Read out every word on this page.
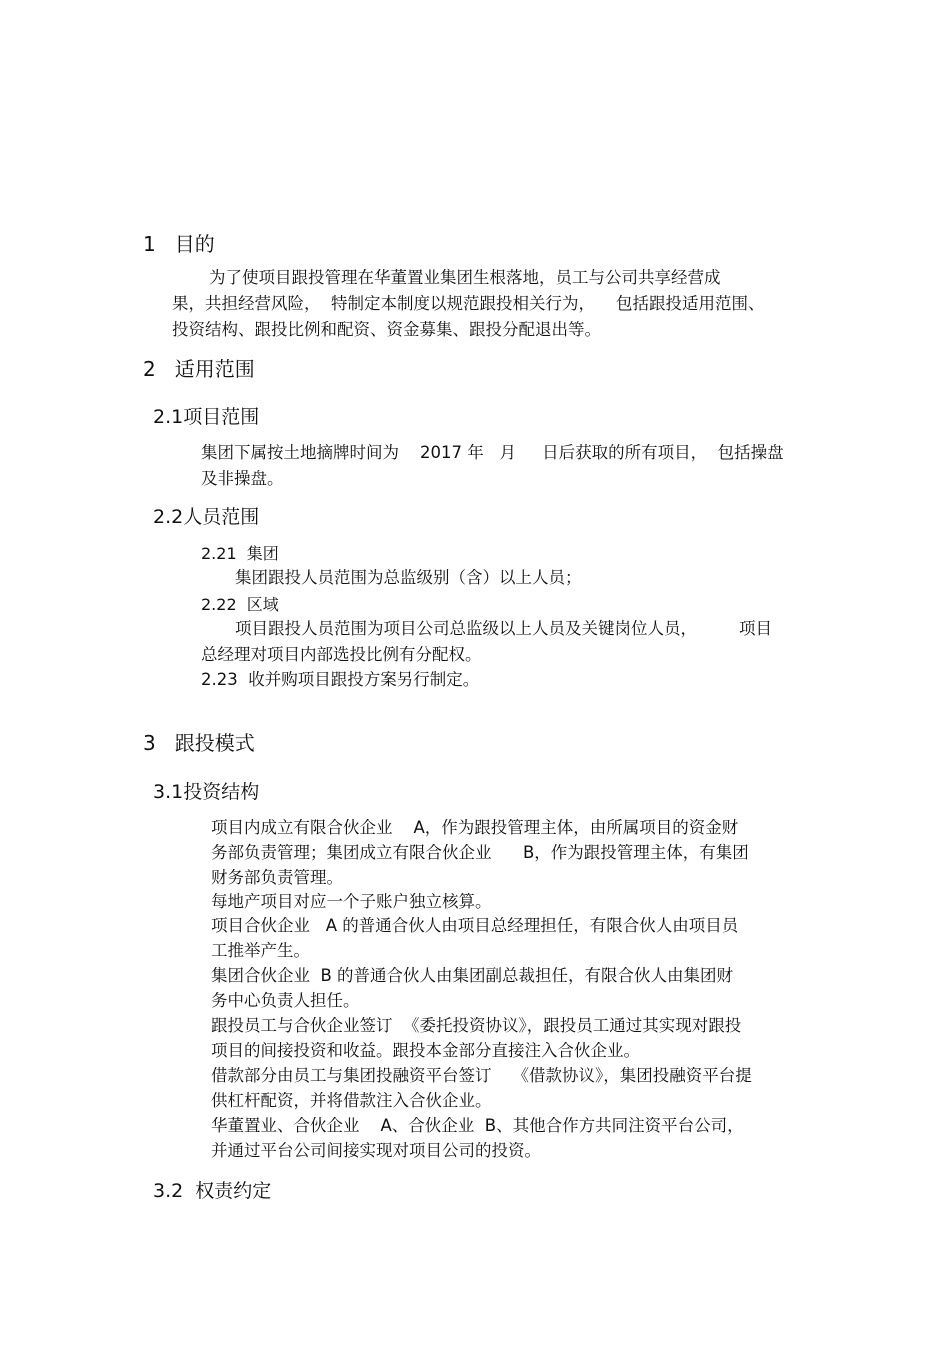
1   目的
为了使项目跟投管理在华董置业集团生根落地，员工与公司共享经营成
果，共担经营风险，  特制定本制度以规范跟投相关行为，    包括跟投适用范围、
投资结构、跟投比例和配资、资金募集、跟投分配退出等。
2   适用范围
2.1项目范围
集团下属按土地摘牌时间为    2017 年   月     日后获取的所有项目，  包括操盘
及非操盘。
2.2人员范围
2.21  集团
集团跟投人员范围为总监级别（含）以上人员；
2.22  区域
项目跟投人员范围为项目公司总监级以上人员及关键岗位人员，        项目
总经理对项目内部选投比例有分配权。
2.23  收并购项目跟投方案另行制定。
3   跟投模式
3.1投资结构
项目内成立有限合伙企业    A，作为跟投管理主体，由所属项目的资金财
务部负责管理；集团成立有限合伙企业      B，作为跟投管理主体，有集团
财务部负责管理。
每地产项目对应一个子账户独立核算。
项目合伙企业   A 的普通合伙人由项目总经理担任，有限合伙人由项目员
工推举产生。
集团合伙企业  B 的普通合伙人由集团副总裁担任，有限合伙人由集团财
务中心负责人担任。
跟投员工与合伙企业签订  《委托投资协议》，跟投员工通过其实现对跟投
项目的间接投资和收益。跟投本金部分直接注入合伙企业。
借款部分由员工与集团投融资平台签订    《借款协议》，集团投融资平台提
供杠杆配资，并将借款注入合伙企业。
华董置业、合伙企业    A、合伙企业  B、其他合作方共同注资平台公司，
并通过平台公司间接实现对项目公司的投资。
3.2  权责约定
